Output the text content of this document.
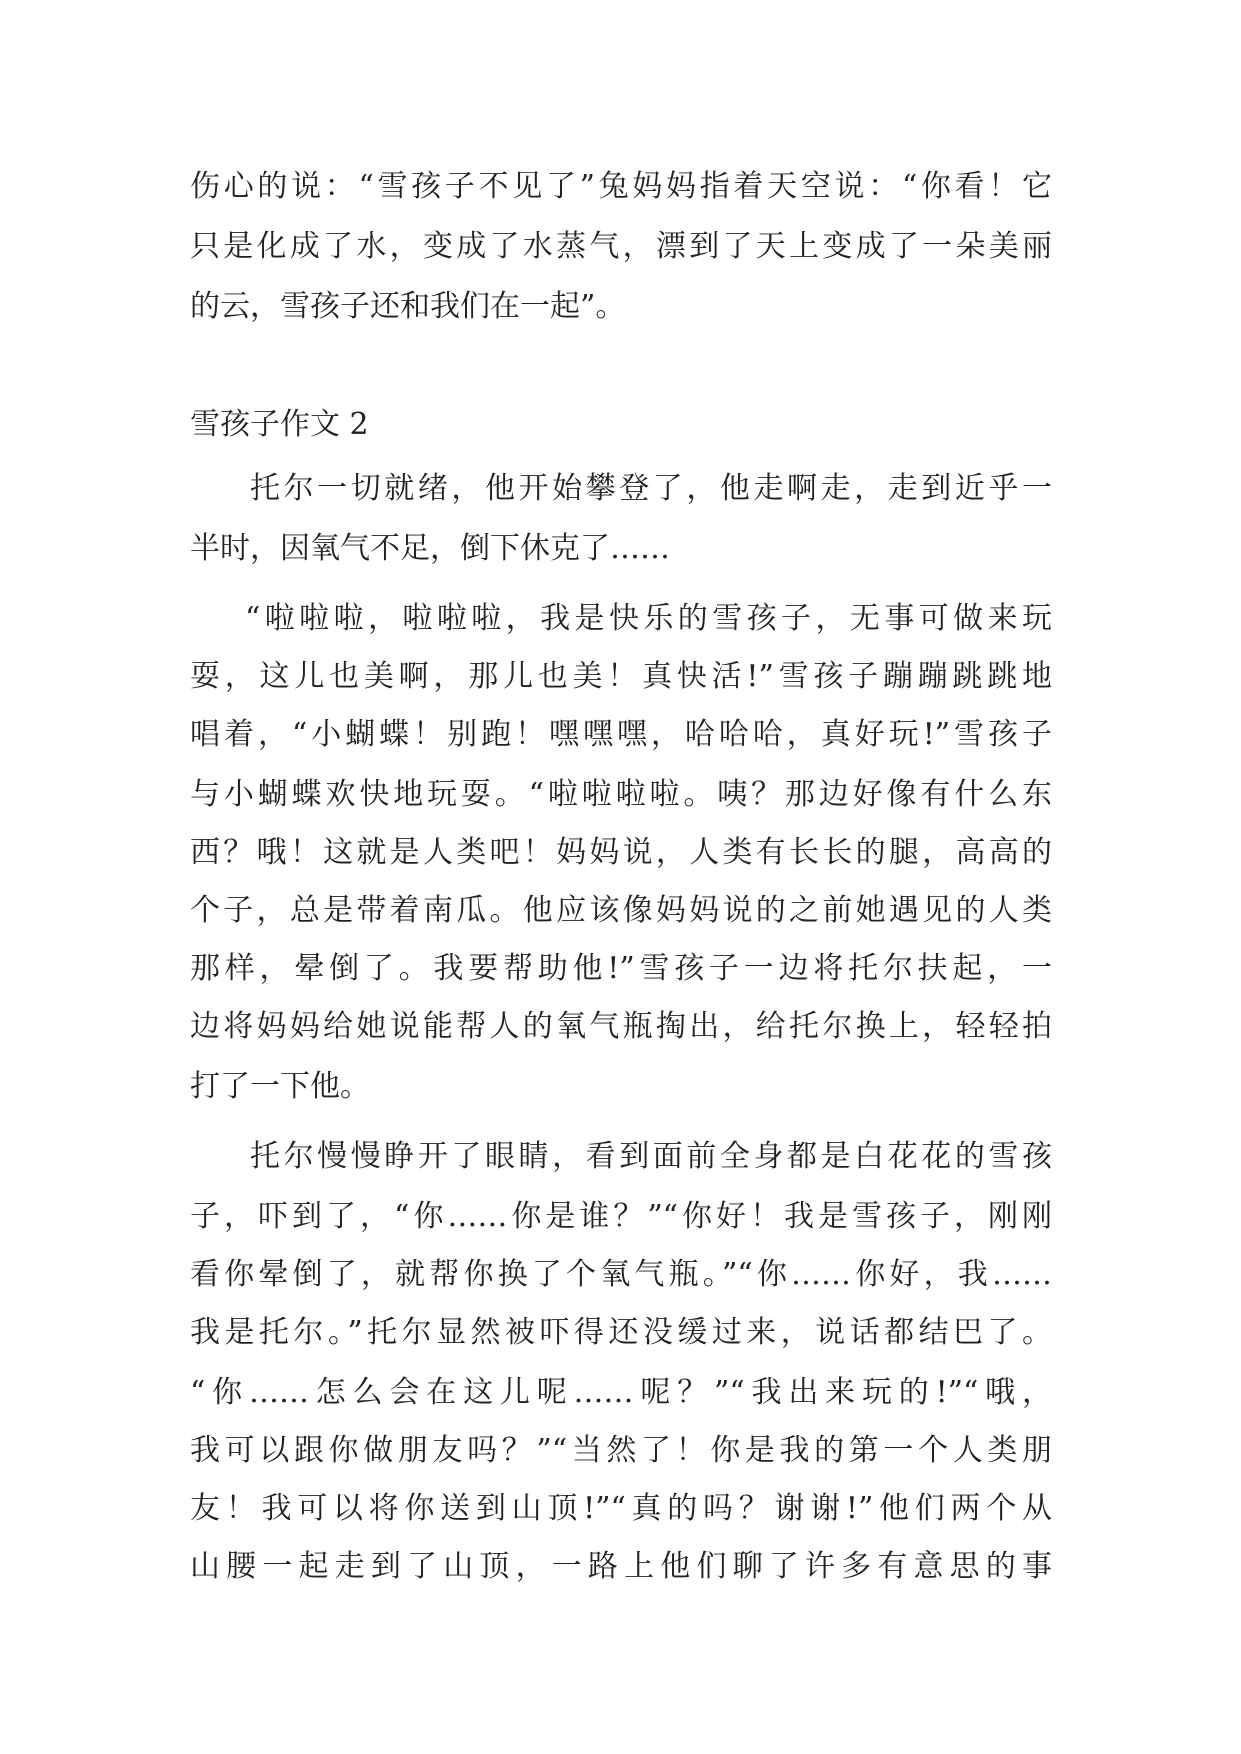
伤心的说：“雪孩子不见了”兔妈妈指着天空说：“你看！它
只是化成了水，变成了水蒸气，漂到了天上变成了一朵美丽
的云，雪孩子还和我们在一起”。
雪孩子作文 2
托尔一切就绪，他开始攀登了，他走啊走，走到近乎一
半时，因氧气不足，倒下休克了……
“啦啦啦，啦啦啦，我是快乐的雪孩子，无事可做来玩
耍，这儿也美啊，那儿也美！真快活!”雪孩子蹦蹦跳跳地
唱着，“小蝴蝶！别跑！嘿嘿嘿，哈哈哈，真好玩!”雪孩子
与小蝴蝶欢快地玩耍。“啦啦啦啦。咦？那边好像有什么东
西？哦！这就是人类吧！妈妈说，人类有长长的腿，高高的
个子，总是带着南瓜。他应该像妈妈说的之前她遇见的人类
那样，晕倒了。我要帮助他!”雪孩子一边将托尔扶起，一
边将妈妈给她说能帮人的氧气瓶掏出，给托尔换上，轻轻拍
打了一下他。
托尔慢慢睁开了眼睛，看到面前全身都是白花花的雪孩
子，吓到了，“你……你是谁？”“你好！我是雪孩子，刚刚
看你晕倒了，就帮你换了个氧气瓶。”“你……你好，我……
我是托尔。”托尔显然被吓得还没缓过来，说话都结巴了。
“你……怎么会在这儿呢……呢？”“我出来玩的!”“哦，
我可以跟你做朋友吗？”“当然了！你是我的第一个人类朋
友！我可以将你送到山顶!”“真的吗？谢谢!”他们两个从
山腰一起走到了山顶，一路上他们聊了许多有意思的事
